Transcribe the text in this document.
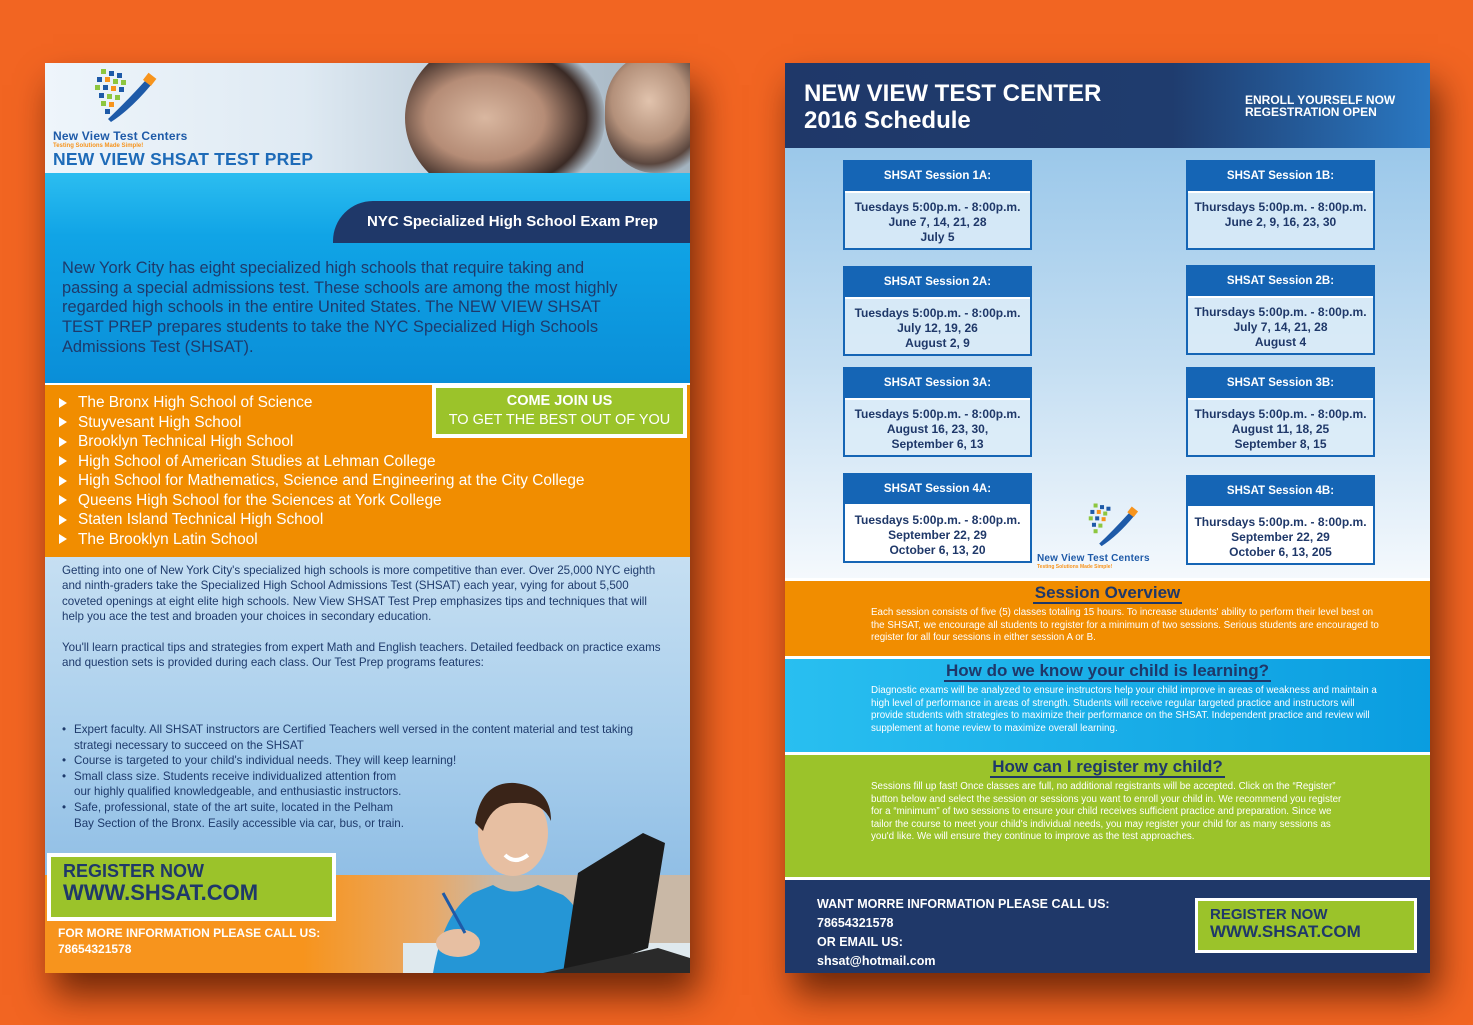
New View Test Centers
Testing Solutions Made Simple!
NEW VIEW SHSAT TEST PREP
NYC Specialized High School Exam Prep
New York City has eight specialized high schools that require taking and passing a special admissions test. These schools are among the most highly regarded high schools in the entire United States. The NEW VIEW SHSAT TEST PREP prepares students to take the NYC Specialized High Schools Admissions Test (SHSAT).
The Bronx High School of Science
Stuyvesant High School
Brooklyn Technical High School
High School of American Studies at Lehman College
High School for Mathematics, Science and Engineering at the City College
Queens High School for the Sciences at York College
Staten Island Technical High School
The Brooklyn Latin School
COME JOIN US
TO GET THE BEST OUT OF YOU

Getting into one of New York City's specialized high schools is more competitive than ever. Over 25,000 NYC eighth and ninth-graders take the Specialized High School Admissions Test (SHSAT) each year, vying for about 5,500 coveted openings at eight elite high schools. New View SHSAT Test Prep emphasizes tips and techniques that will help you ace the test and broaden your choices in secondary education.

You'll learn practical tips and strategies from expert Math and English teachers. Detailed feedback on practice exams and question sets is provided during each class. Our Test Prep programs features:

• Expert faculty. All SHSAT instructors are Certified Teachers well versed in the content material and test taking strategi necessary to succeed on the SHSAT
• Course is targeted to your child's individual needs. They will keep learning!
• Small class size. Students receive individualized attention from our highly qualified knowledgeable, and enthusiastic instructors.
• Safe, professional, state of the art suite, located in the Pelham Bay Section of the Bronx. Easily accessible via car, bus, or train.
REGISTER NOW
WWW.SHSAT.COM
FOR MORE INFORMATION PLEASE CALL US:
78654321578
NEW VIEW TEST CENTER
2016 Schedule
ENROLL YOURSELF NOW
REGESTRATION OPEN
SHSAT Session 1A:
Tuesdays 5:00p.m. - 8:00p.m.
June 7, 14, 21, 28
July 5
SHSAT Session 1B:
Thursdays 5:00p.m. - 8:00p.m.
June 2, 9, 16, 23, 30
SHSAT Session 2A:
Tuesdays 5:00p.m. - 8:00p.m.
July 12, 19, 26
August 2, 9
SHSAT Session 2B:
Thursdays 5:00p.m. - 8:00p.m.
July 7, 14, 21, 28
August 4
SHSAT Session 3A:
Tuesdays 5:00p.m. - 8:00p.m.
August 16, 23, 30,
September 6, 13
SHSAT Session 3B:
Thursdays 5:00p.m. - 8:00p.m.
August 11, 18, 25
September 8, 15
SHSAT Session 4A:
Tuesdays 5:00p.m. - 8:00p.m.
September 22, 29
October 6, 13, 20
SHSAT Session 4B:
Thursdays 5:00p.m. - 8:00p.m.
September 22, 29
October 6, 13, 205
New View Test Centers
Testing Solutions Made Simple!
Session Overview
Each session consists of five (5) classes totaling 15 hours. To increase students' ability to perform their level best on the SHSAT, we encourage all students to register for a minimum of two sessions. Serious students are encouraged to register for all four sessions in either session A or B.
How do we know your child is learning?
Diagnostic exams will be analyzed to ensure instructors help your child improve in areas of weakness and maintain a high level of performance in areas of strength. Students will receive regular targeted practice and instructors will provide students with strategies to maximize their performance on the SHSAT. Independent practice and review will supplement at home review to maximize overall learning.
How can I register my child?
Sessions fill up fast! Once classes are full, no additional registrants will be accepted. Click on the “Register” button below and select the session or sessions you want to enroll your child in. We recommend you register for a “minimum” of two sessions to ensure your child receives sufficient practice and preparation. Since we tailor the course to meet your child's individual needs, you may register your child for as many sessions as you'd like. We will ensure they continue to improve as the test approaches.
WANT MORRE INFORMATION PLEASE CALL US:
78654321578
OR EMAIL US:
shsat@hotmail.com
REGISTER NOW
WWW.SHSAT.COM
